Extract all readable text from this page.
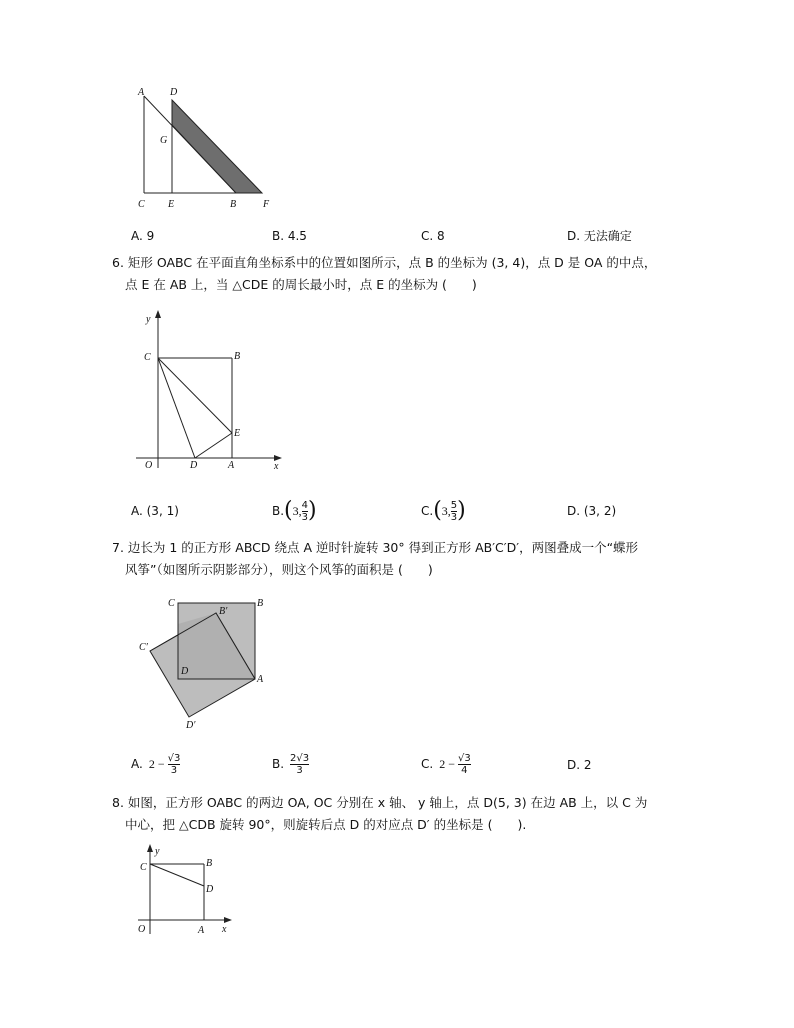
A	D
G
C E	B	F
A. 9	B. 4.5	C. 8	D. 无法确定
6. 矩形 OABC 在平面直角坐标系中的位置如图所示，点 B 的坐标为 (3, 4)，点 D 是 OA 的中点，
点 E 在 AB 上，当 △CDE 的周长最小时，点 E 的坐标为 (　　)
y
x
O
C	B
E
D	A
A. (3, 1)	B. ( 3, $\frac{4}{3}$ )	C. ( 3, $\frac{5}{3}$ )	D. (3, 2)
7. 边长为 1 的正方形 ABCD 绕点 A 逆时针旋转 30° 得到正方形 AB′C′D′，两图叠成一个“蝶形
风筝”（如图所示阴影部分），则这个风筝的面积是 (　　)
C
B′
B
C′
D
A
D′
A. $2 - \frac{√3}{3}$	B. $\frac{2√3}{3}$	C. $2 - \frac{√3}{4}$	D. 2
8. 如图，正方形 OABC 的两边 OA, OC 分别在 x 轴、 y 轴上，点 D(5, 3) 在边 AB 上，以 C 为
中心，把 △CDB 旋转 90°，则旋转后点 D 的对应点 D′ 的坐标是 (　　).
y
x
O
C	B
D
A
